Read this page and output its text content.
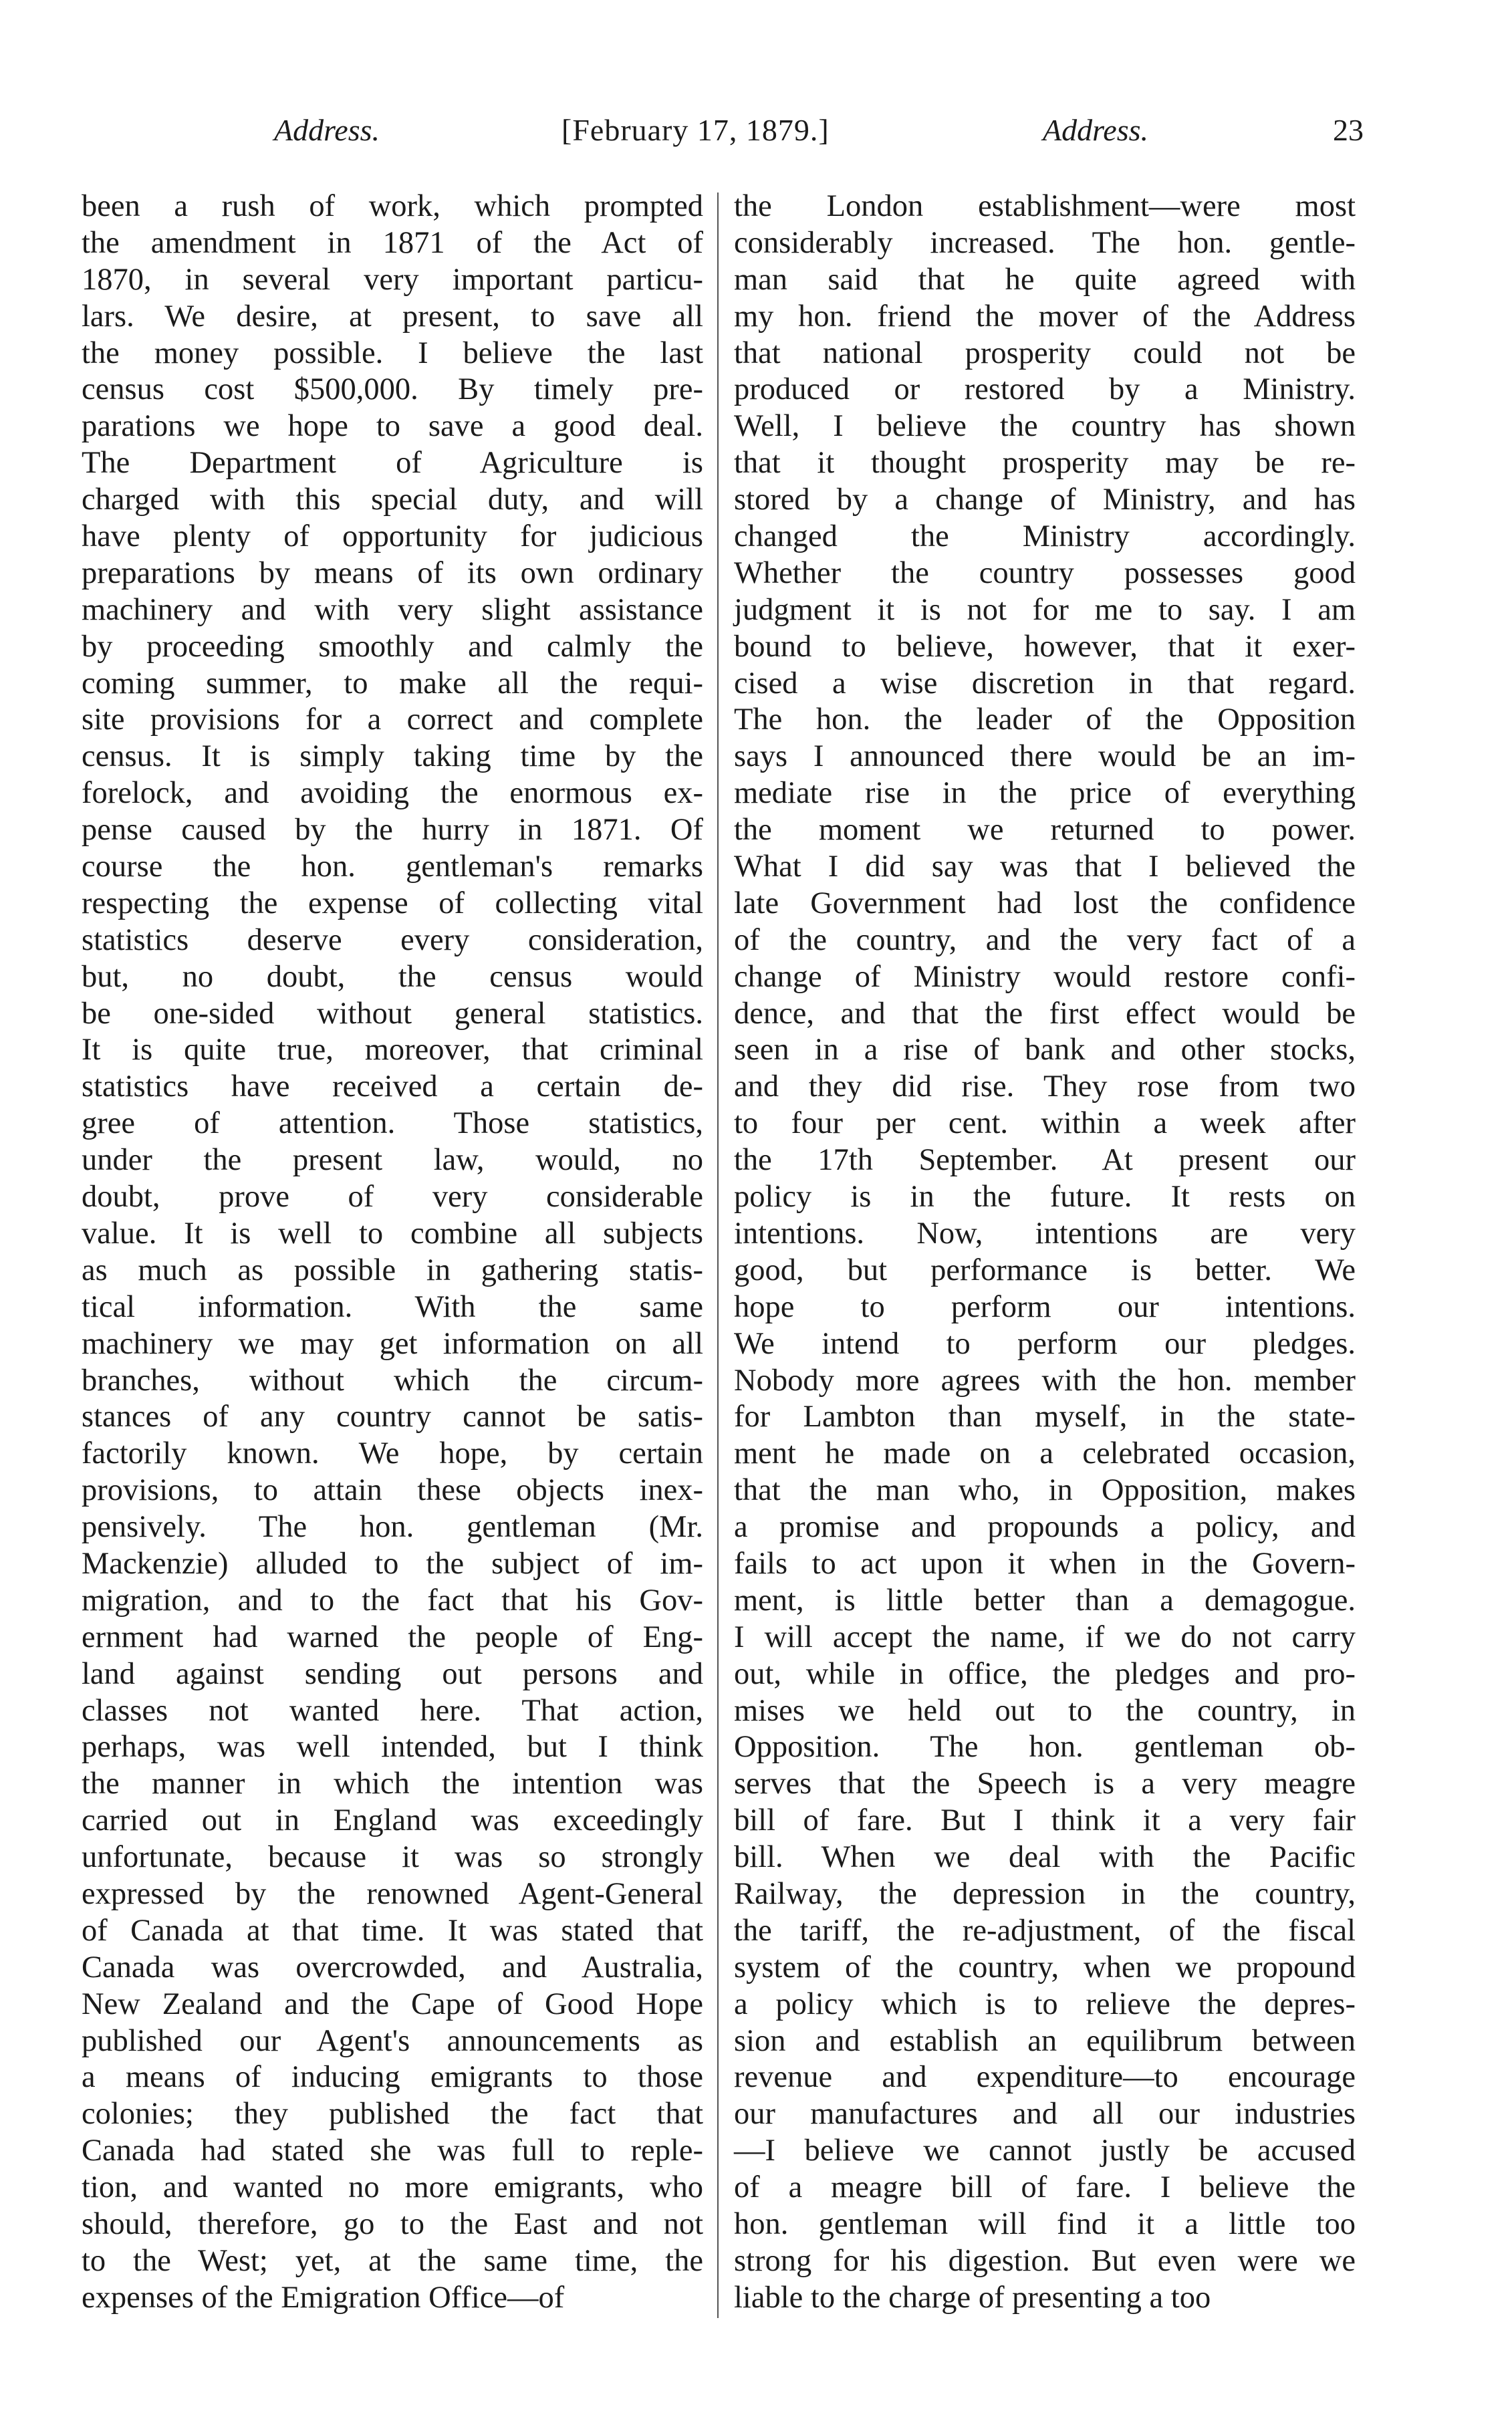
Address.	[February 17, 1879.]	Address.	23
been a rush of work, which prompted
the amendment in 1871 of the Act of
1870, in several very important particu-
lars. We desire, at present, to save all
the money possible. I believe the last
census cost $500,000. By timely pre-
parations we hope to save a good deal.
The Department of Agriculture is
charged with this special duty, and will
have plenty of opportunity for judicious
preparations by means of its own ordinary
machinery and with very slight assistance
by proceeding smoothly and calmly the
coming summer, to make all the requi-
site provisions for a correct and complete
census. It is simply taking time by the
forelock, and avoiding the enormous ex-
pense caused by the hurry in 1871. Of
course the hon. gentleman's remarks
respecting the expense of collecting vital
statistics deserve every consideration,
but, no doubt, the census would
be one-sided without general statistics.
It is quite true, moreover, that criminal
statistics have received a certain de-
gree of attention. Those statistics,
under the present law, would, no
doubt, prove of very considerable
value. It is well to combine all subjects
as much as possible in gathering statis-
tical information. With the same
machinery we may get information on all
branches, without which the circum-
stances of any country cannot be satis-
factorily known. We hope, by certain
provisions, to attain these objects inex-
pensively. The hon. gentleman (Mr.
Mackenzie) alluded to the subject of im-
migration, and to the fact that his Gov-
ernment had warned the people of Eng-
land against sending out persons and
classes not wanted here. That action,
perhaps, was well intended, but I think
the manner in which the intention was
carried out in England was exceedingly
unfortunate, because it was so strongly
expressed by the renowned Agent-General
of Canada at that time. It was stated that
Canada was overcrowded, and Australia,
New Zealand and the Cape of Good Hope
published our Agent's announcements as
a means of inducing emigrants to those
colonies; they published the fact that
Canada had stated she was full to reple-
tion, and wanted no more emigrants, who
should, therefore, go to the East and not
to the West; yet, at the same time, the
expenses of the Emigration Office—of
the London establishment—were most
considerably increased. The hon. gentle-
man said that he quite agreed with
my hon. friend the mover of the Address
that national prosperity could not be
produced or restored by a Ministry.
Well, I believe the country has shown
that it thought prosperity may be re-
stored by a change of Ministry, and has
changed the Ministry accordingly.
Whether the country possesses good
judgment it is not for me to say. I am
bound to believe, however, that it exer-
cised a wise discretion in that regard.
The hon. the leader of the Opposition
says I announced there would be an im-
mediate rise in the price of everything
the moment we returned to power.
What I did say was that I believed the
late Government had lost the confidence
of the country, and the very fact of a
change of Ministry would restore confi-
dence, and that the first effect would be
seen in a rise of bank and other stocks,
and they did rise. They rose from two
to four per cent. within a week after
the 17th September. At present our
policy is in the future. It rests on
intentions. Now, intentions are very
good, but performance is better. We
hope to perform our intentions.
We intend to perform our pledges.
Nobody more agrees with the hon. member
for Lambton than myself, in the state-
ment he made on a celebrated occasion,
that the man who, in Opposition, makes
a promise and propounds a policy, and
fails to act upon it when in the Govern-
ment, is little better than a demagogue.
I will accept the name, if we do not carry
out, while in office, the pledges and pro-
mises we held out to the country, in
Opposition. The hon. gentleman ob-
serves that the Speech is a very meagre
bill of fare. But I think it a very fair
bill. When we deal with the Pacific
Railway, the depression in the country,
the tariff, the re-adjustment, of the fiscal
system of the country, when we propound
a policy which is to relieve the depres-
sion and establish an equilibrum between
revenue and expenditure—to encourage
our manufactures and all our industries
—I believe we cannot justly be accused
of a meagre bill of fare. I believe the
hon. gentleman will find it a little too
strong for his digestion. But even were we
liable to the charge of presenting a too
